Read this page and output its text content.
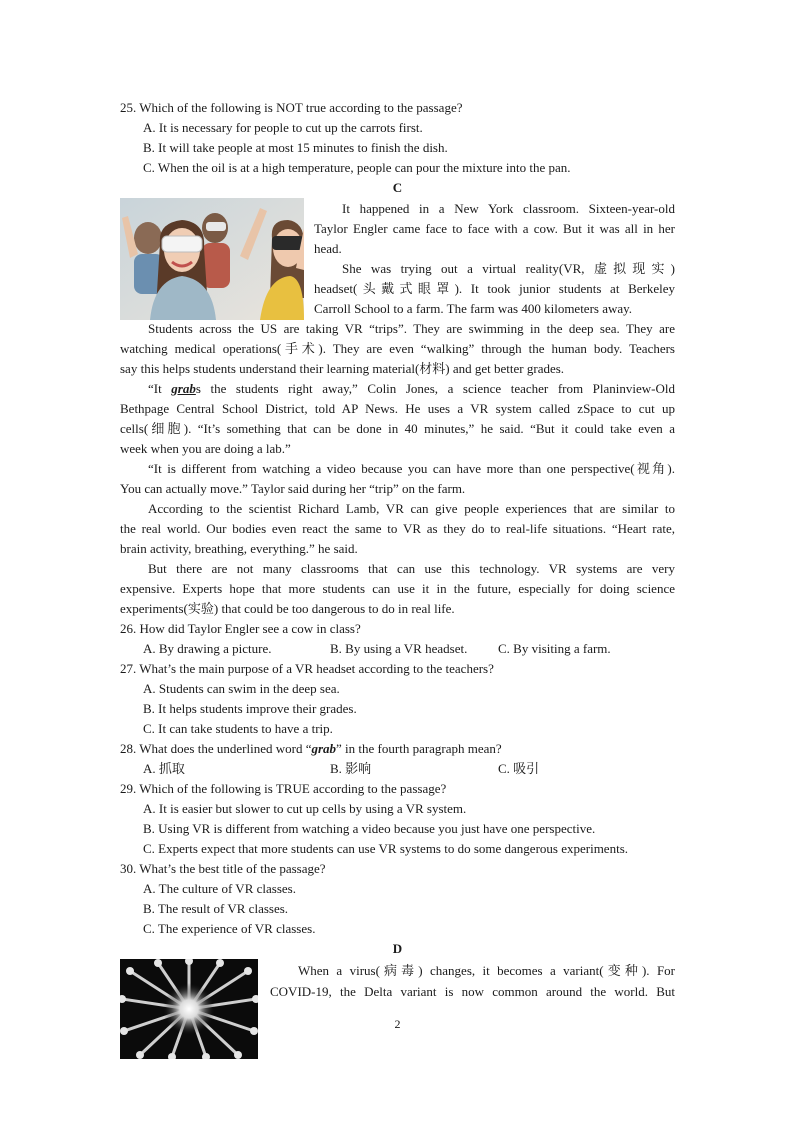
25. Which of the following is NOT true according to the passage?
A. It is necessary for people to cut up the carrots first.
B. It will take people at most 15 minutes to finish the dish.
C. When the oil is at a high temperature, people can pour the mixture into the pan.
C
It happened in a New York classroom. Sixteen-year-old
Taylor Engler came face to face with a cow. But it was all in her
head.
She was trying out a virtual reality(VR, 虚拟现实)
headset(头戴式眼罩). It took junior students at Berkeley
Carroll School to a farm. The farm was 400 kilometers away.
Students across the US are taking VR “trips”. They are swimming in the deep sea. They are
watching medical operations(手术). They are even “walking” through the human body. Teachers
say this helps students understand their learning material(材料) and get better grades.
“It grabs the students right away,” Colin Jones, a science teacher from Planinview-Old
Bethpage Central School District, told AP News. He uses a VR system called zSpace to cut up
cells(细胞). “It’s something that can be done in 40 minutes,” he said. “But it could take even a
week when you are doing a lab.”
“It is different from watching a video because you can have more than one perspective(视角).
You can actually move.” Taylor said during her “trip” on the farm.
According to the scientist Richard Lamb, VR can give people experiences that are similar to
the real world. Our bodies even react the same to VR as they do to real-life situations. “Heart rate,
brain activity, breathing, everything.” he said.
But there are not many classrooms that can use this technology. VR systems are very
expensive. Experts hope that more students can use it in the future, especially for doing science
experiments(实验) that could be too dangerous to do in real life.
26. How did Taylor Engler see a cow in class?
A. By drawing a picture.	B. By using a VR headset. C. By visiting a farm.
27. What’s the main purpose of a VR headset according to the teachers?
A. Students can swim in the deep sea.
B. It helps students improve their grades.
C. It can take students to have a trip.
28. What does the underlined word “grab” in the fourth paragraph mean?
A. 抓取	B. 影响	C. 吸引
29. Which of the following is TRUE according to the passage?
A. It is easier but slower to cut up cells by using a VR system.
B. Using VR is different from watching a video because you just have one perspective.
C. Experts expect that more students can use VR systems to do some dangerous experiments.
30. What’s the best title of the passage?
A. The culture of VR classes.
B. The result of VR classes.
C. The experience of VR classes.
D
When a virus(病毒) changes, it becomes a variant(变种). For
COVID-19, the Delta variant is now common around the world. But
2
